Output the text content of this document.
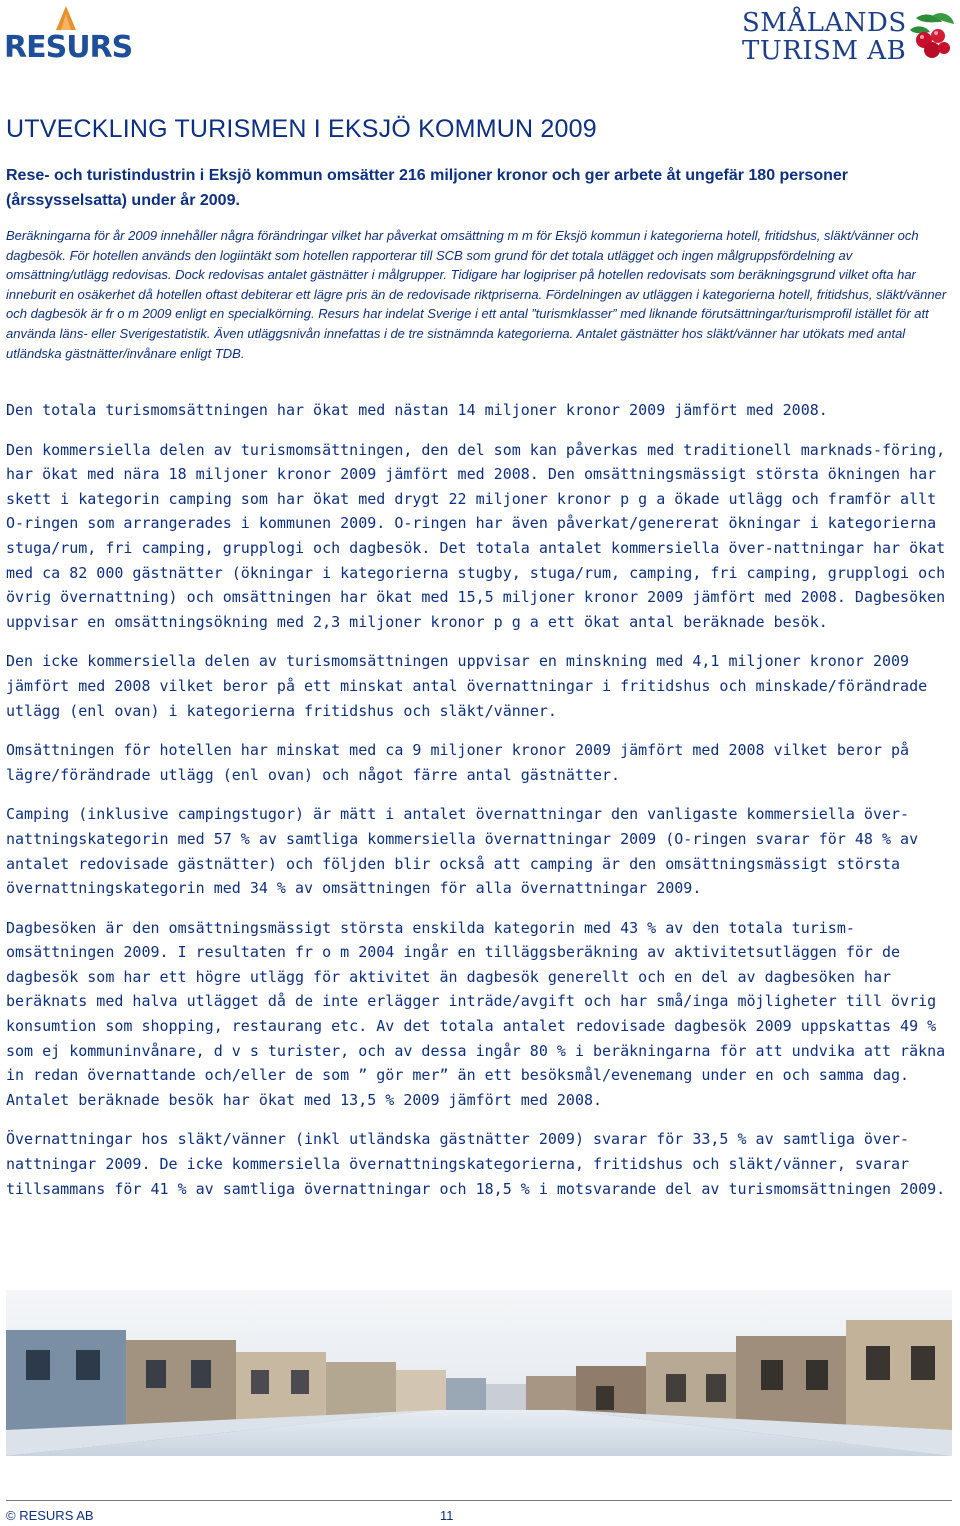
RESURS
SMÅLANDS
TURISM AB
UTVECKLING TURISMEN I EKSJÖ KOMMUN 2009

Rese- och turistindustrin i Eksjö kommun omsätter 216 miljoner kronor och ger arbete åt ungefär 180 personer (årssysselsatta) under år 2009.

Beräkningarna för år 2009 innehåller några förändringar vilket har påverkat omsättning m m för Eksjö kommun i kategorierna hotell, fritidshus, släkt/vänner och dagbesök. För hotellen används den logiintäkt som hotellen rapporterar till SCB som grund för det totala utlägget och ingen målgruppsfördelning av omsättning/utlägg redovisas. Dock redovisas antalet gästnätter i målgrupper. Tidigare har logipriser på hotellen redovisats som beräkningsgrund vilket ofta har inneburit en osäkerhet då hotellen oftast debiterar ett lägre pris än de redovisade riktpriserna. Fördelningen av utläggen i kategorierna hotell, fritidshus, släkt/vänner och dagbesök är fr o m 2009 enligt en specialkörning. Resurs har indelat Sverige i ett antal ”turismklasser” med liknande förutsättningar/turismprofil istället för att använda läns- eller Sverigestatistik. Även utläggsnivån innefattas i de tre sistnämnda kategorierna. Antalet gästnätter hos släkt/vänner har utökats med antal utländska gästnätter/invånare enligt TDB.

Den totala turismomsättningen har ökat med nästan 14 miljoner kronor 2009 jämfört med 2008.

Den kommersiella delen av turismomsättningen, den del som kan påverkas med traditionell marknads-föring, har ökat med nära 18 miljoner kronor 2009 jämfört med 2008. Den omsättningsmässigt största ökningen har skett i kategorin camping som har ökat med drygt 22 miljoner kronor p g a ökade utlägg och framför allt O-ringen som arrangerades i kommunen 2009. O-ringen har även påverkat/genererat ökningar i kategorierna stuga/rum, fri camping, grupplogi och dagbesök. Det totala antalet kommersiella över-nattningar har ökat med ca 82 000 gästnätter (ökningar i kategorierna stugby, stuga/rum, camping, fri camping, grupplogi och övrig övernattning) och omsättningen har ökat med 15,5 miljoner kronor 2009 jämfört med 2008. Dagbesöken uppvisar en omsättningsökning med 2,3 miljoner kronor p g a ett ökat antal beräknade besök.

Den icke kommersiella delen av turismomsättningen uppvisar en minskning med 4,1 miljoner kronor 2009 jämfört med 2008 vilket beror på ett minskat antal övernattningar i fritidshus och minskade/förändrade utlägg (enl ovan) i kategorierna fritidshus och släkt/vänner.

Omsättningen för hotellen har minskat med ca 9 miljoner kronor 2009 jämfört med 2008 vilket beror på lägre/förändrade utlägg (enl ovan) och något färre antal gästnätter.

Camping (inklusive campingstugor) är mätt i antalet övernattningar den vanligaste kommersiella över-nattningskategorin med 57 % av samtliga kommersiella övernattningar 2009 (O-ringen svarar för 48 % av antalet redovisade gästnätter) och följden blir också att camping är den omsättningsmässigt största övernattningskategorin med 34 % av omsättningen för alla övernattningar 2009.

Dagbesöken är den omsättningsmässigt största enskilda kategorin med 43 % av den totala turism-omsättningen 2009. I resultaten fr o m 2004 ingår en tilläggsberäkning av aktivitetsutläggen för de dagbesök som har ett högre utlägg för aktivitet än dagbesök generellt och en del av dagbesöken har beräknats med halva utlägget då de inte erlägger inträde/avgift och har små/inga möjligheter till övrig konsumtion som shopping, restaurang etc. Av det totala antalet redovisade dagbesök 2009 uppskattas 49 % som ej kommuninvånare, d v s turister, och av dessa ingår 80 % i beräkningarna för att undvika att räkna in redan övernattande och/eller de som ” gör mer” än ett besöksmål/evenemang under en och samma dag. Antalet beräknade besök har ökat med 13,5 % 2009 jämfört med 2008.

Övernattningar hos släkt/vänner (inkl utländska gästnätter 2009) svarar för 33,5 % av samtliga över-nattningar 2009. De icke kommersiella övernattningskategorierna, fritidshus och släkt/vänner, svarar tillsammans för 41 % av samtliga övernattningar och 18,5 % i motsvarande del av turismomsättningen 2009.

© RESURS AB	11
